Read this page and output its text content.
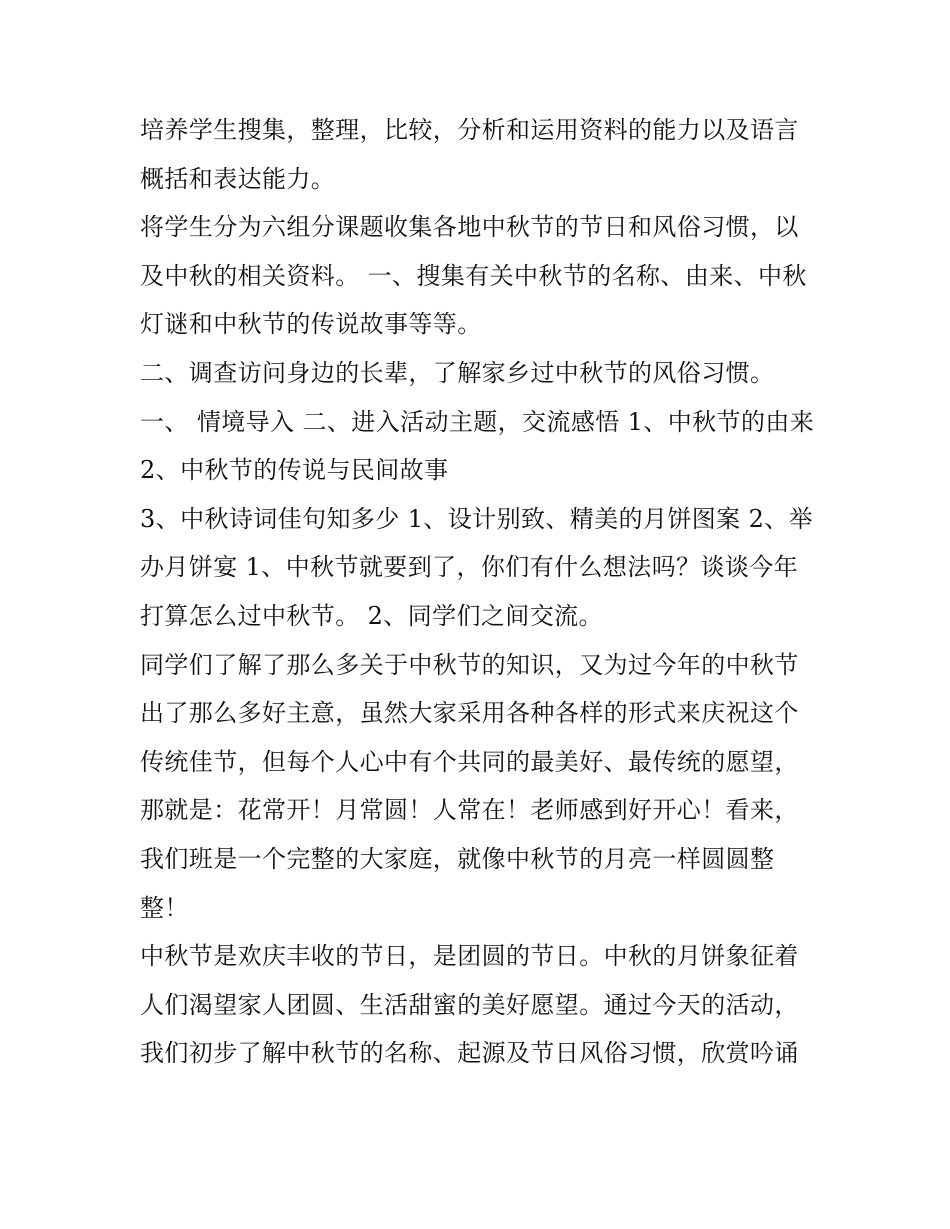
培养学生搜集，整理，比较，分析和运用资料的能力以及语言概括和表达能力。

将学生分为六组分课题收集各地中秋节的节日和风俗习惯，以及中秋的相关资料。 一、搜集有关中秋节的名称、由来、中秋灯谜和中秋节的传说故事等等。

二、调查访问身边的长辈，了解家乡过中秋节的风俗习惯。

一、 情境导入 二、进入活动主题，交流感悟 1、中秋节的由来 2、中秋节的传说与民间故事

3、中秋诗词佳句知多少 1、设计别致、精美的月饼图案 2、举办月饼宴 1、中秋节就要到了，你们有什么想法吗？谈谈今年打算怎么过中秋节。 2、同学们之间交流。

同学们了解了那么多关于中秋节的知识，又为过今年的中秋节出了那么多好主意，虽然大家采用各种各样的形式来庆祝这个传统佳节，但每个人心中有个共同的最美好、最传统的愿望，那就是：花常开！月常圆！人常在！老师感到好开心！看来，我们班是一个完整的大家庭，就像中秋节的月亮一样圆圆整整！

中秋节是欢庆丰收的节日，是团圆的节日。中秋的月饼象征着人们渴望家人团圆、生活甜蜜的美好愿望。通过今天的活动，我们初步了解中秋节的名称、起源及节日风俗习惯，欣赏吟诵
